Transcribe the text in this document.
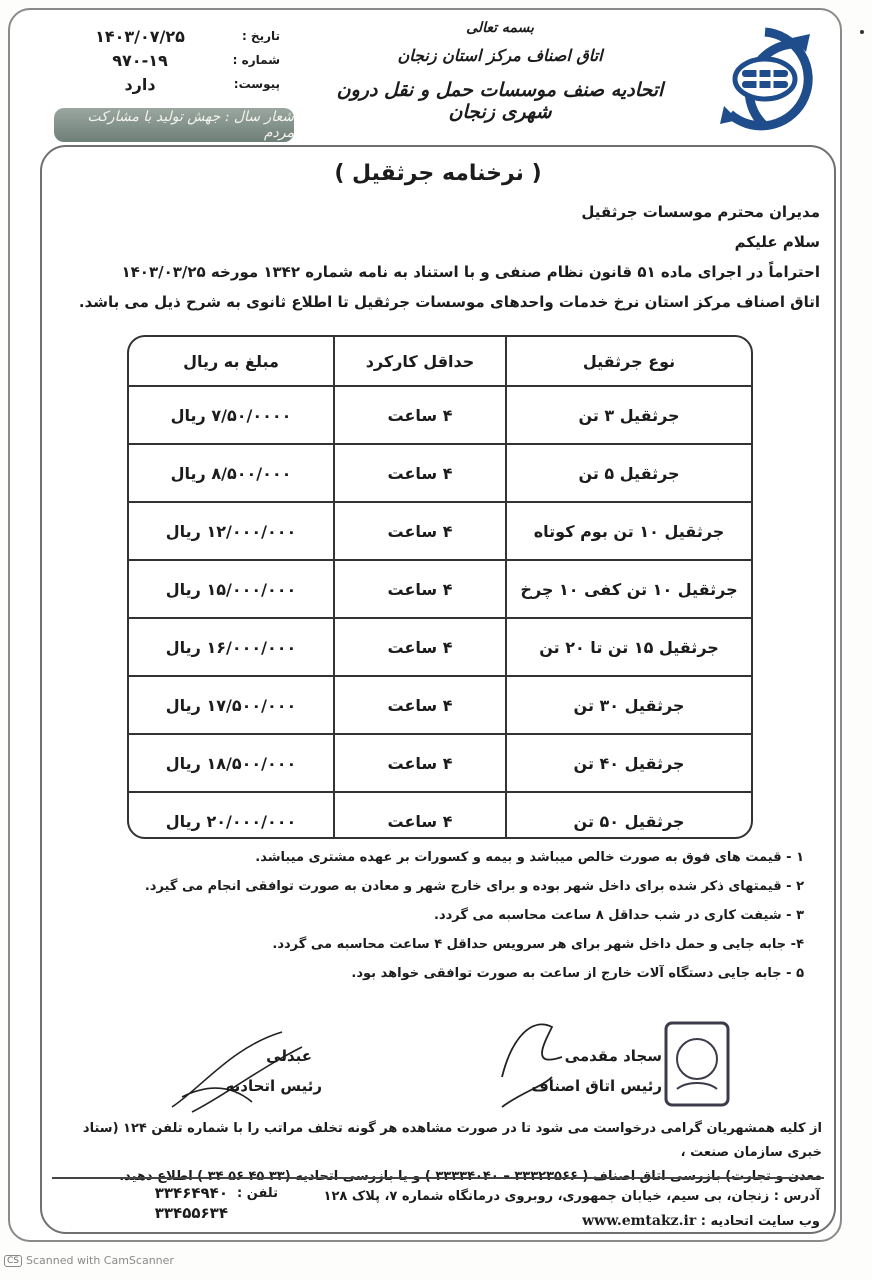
تاریخ :
۱۴۰۳/۰۷/۲۵
شماره :
۹۷۰-۱۹
پیوست:
دارد
شعار سال : جهش تولید با مشارکت مردم
بسمه تعالی
اتاق اصناف مرکز استان زنجان
اتحادیه صنف موسسات حمل و نقل درون شهری زنجان
( نرخنامه جرثقیل )

مدیران محترم موسسات جرثقیل

سلام علیکم

احتراماً در اجرای ماده ۵۱ قانون نظام صنفی و با استناد به نامه شماره ۱۳۴۲ مورخه ۱۴۰۳/۰۳/۲۵

اتاق اصناف مرکز استان نرخ خدمات واحدهای موسسات جرثقیل تا اطلاع ثانوی به شرح ذیل می باشد.

نوع جرثقیل
حداقل کارکرد
مبلغ به ریال
جرثقیل ۳ تن
۴ ساعت
۷/۵۰/۰۰۰۰ ریال
جرثقیل ۵ تن
۴ ساعت
۸/۵۰۰/۰۰۰ ریال
جرثقیل ۱۰ تن بوم کوتاه
۴ ساعت
۱۲/۰۰۰/۰۰۰ ریال
جرثقیل ۱۰ تن کفی ۱۰ چرخ
۴ ساعت
۱۵/۰۰۰/۰۰۰ ریال
جرثقیل ۱۵ تن تا ۲۰ تن
۴ ساعت
۱۶/۰۰۰/۰۰۰ ریال
جرثقیل ۳۰ تن
۴ ساعت
۱۷/۵۰۰/۰۰۰ ریال
جرثقیل ۴۰ تن
۴ ساعت
۱۸/۵۰۰/۰۰۰ ریال
جرثقیل ۵۰ تن
۴ ساعت
۲۰/۰۰۰/۰۰۰ ریال
۱ - قیمت های فوق به صورت خالص میباشد و بیمه و کسورات بر عهده مشتری میباشد.
۲ - قیمتهای ذکر شده برای داخل شهر بوده و برای خارج شهر و معادن به صورت توافقی انجام می گیرد.
۳ - شیفت کاری در شب حداقل ۸ ساعت محاسبه می گردد.
۴- جابه جایی و حمل داخل شهر برای هر سرویس حداقل ۴ ساعت محاسبه می گردد.
۵ - جابه جایی دستگاه آلات خارج از ساعت به صورت توافقی خواهد بود.
عبدلی
رئیس اتحادیه
سجاد مقدمی
رئیس اتاق اصناف
از کلیه همشهریان گرامی درخواست می شود تا در صورت مشاهده هر گونه تخلف مراتب را با شماره تلفن ۱۲۴ (ستاد خبری سازمان صنعت ،
معدن و تجارت) بازرسی اتاق اصناف ( ۳۳۳۲۳۵۶۶ – ۳۳۳۳۴۰۴۰ ) و یا بازرسی اتحادیه (۳۳ ۴۵ ۵۶ ۳۴ ) اطلاع دهید.
آدرس : زنجان، بی سیم، خیابان جمهوری، روبروی درمانگاه شماره ۷، پلاک ۱۲۸
وب سایت اتحادیه : www.emtakz.ir
تلفن :
۳۳۴۶۴۹۴۰
۳۳۴۵۵۶۳۴
CS Scanned with CamScanner
